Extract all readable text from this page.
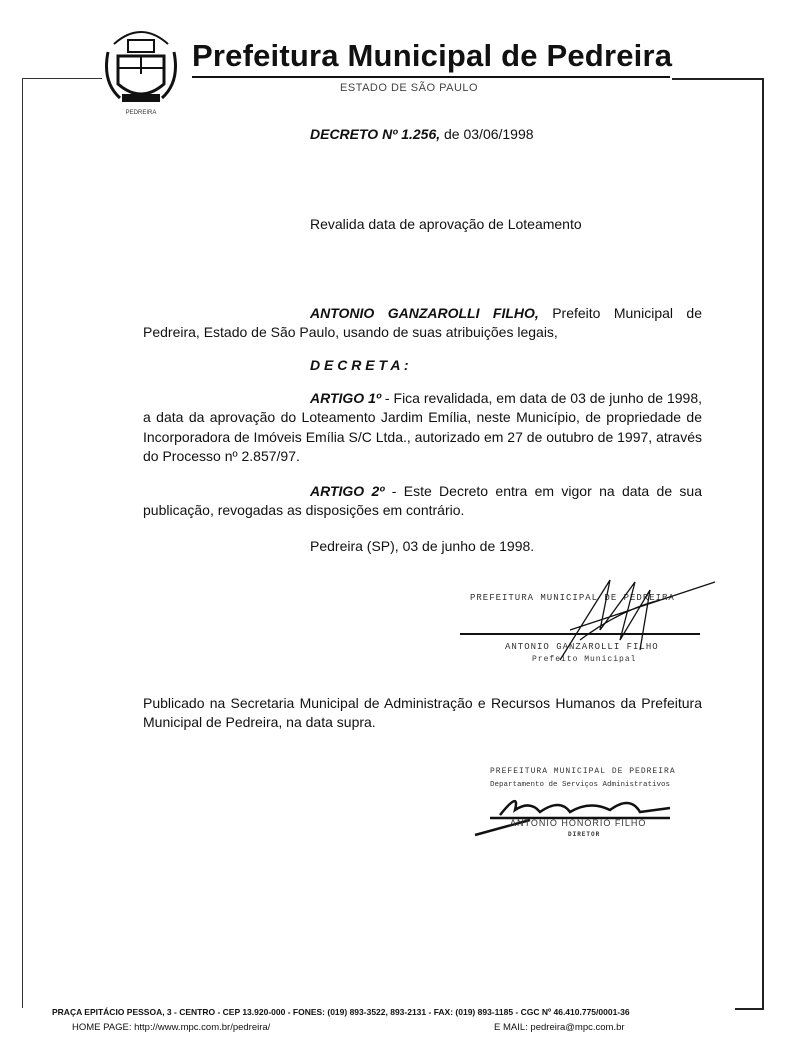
PEDREIRA
Prefeitura Municipal de Pedreira
ESTADO DE SÃO PAULO
DECRETO Nº 1.256, de 03/06/1998
Revalida data de aprovação de Loteamento
ANTONIO GANZAROLLI FILHO, Prefeito Municipal de Pedreira, Estado de São Paulo, usando de suas atribuições legais,
D E C R E T A :
ARTIGO 1º - Fica revalidada, em data de 03 de junho de 1998, a data da aprovação do Loteamento Jardim Emília, neste Município, de propriedade de Incorporadora de Imóveis Emília S/C Ltda., autorizado em 27 de outubro de 1997, através do Processo nº 2.857/97.
ARTIGO 2º - Este Decreto entra em vigor na data de sua publicação, revogadas as disposições em contrário.
Pedreira (SP), 03 de junho de 1998.
PREFEITURA MUNICIPAL DE PEDREIRA
ANTONIO GANZAROLLI FILHO
Prefeito Municipal
Publicado na Secretaria Municipal de Administração e Recursos Humanos da Prefeitura Municipal de Pedreira, na data supra.
PREFEITURA MUNICIPAL DE PEDREIRA
Departamento de Serviços Administrativos
ANTONIO HONORIO FILHO
DIRETOR
PRAÇA EPITÁCIO PESSOA, 3 - CENTRO - CEP 13.920-000 - FONES: (019) 893-3522, 893-2131 - FAX: (019) 893-1185 - CGC Nº 46.410.775/0001-36
HOME PAGE: http://www.mpc.com.br/pedreira/	E MAIL: pedreira@mpc.com.br
